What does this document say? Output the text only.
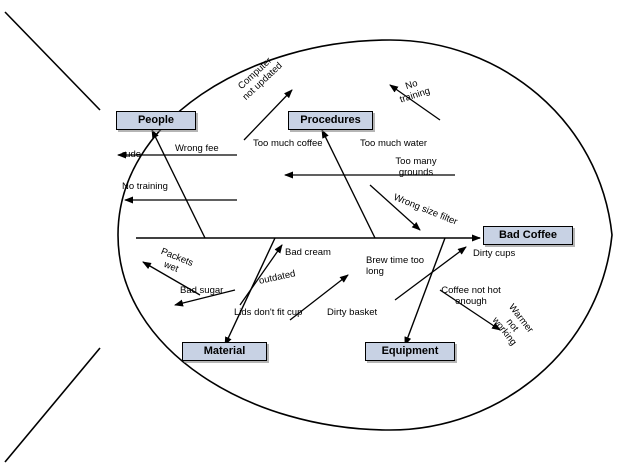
People	Procedures
Material	Equipment
Bad Coffee
rude
Wrong fee
No training
Computer not updated
Too much coffee
No training
Too much water
Too many grounds
Wrong size filter
Packets wet
Bad sugar
outdated
Bad cream
Lids don't fit cup	Dirty basket
Brew time too long
Dirty cups
Coffee not hot enough
Warmer not working
